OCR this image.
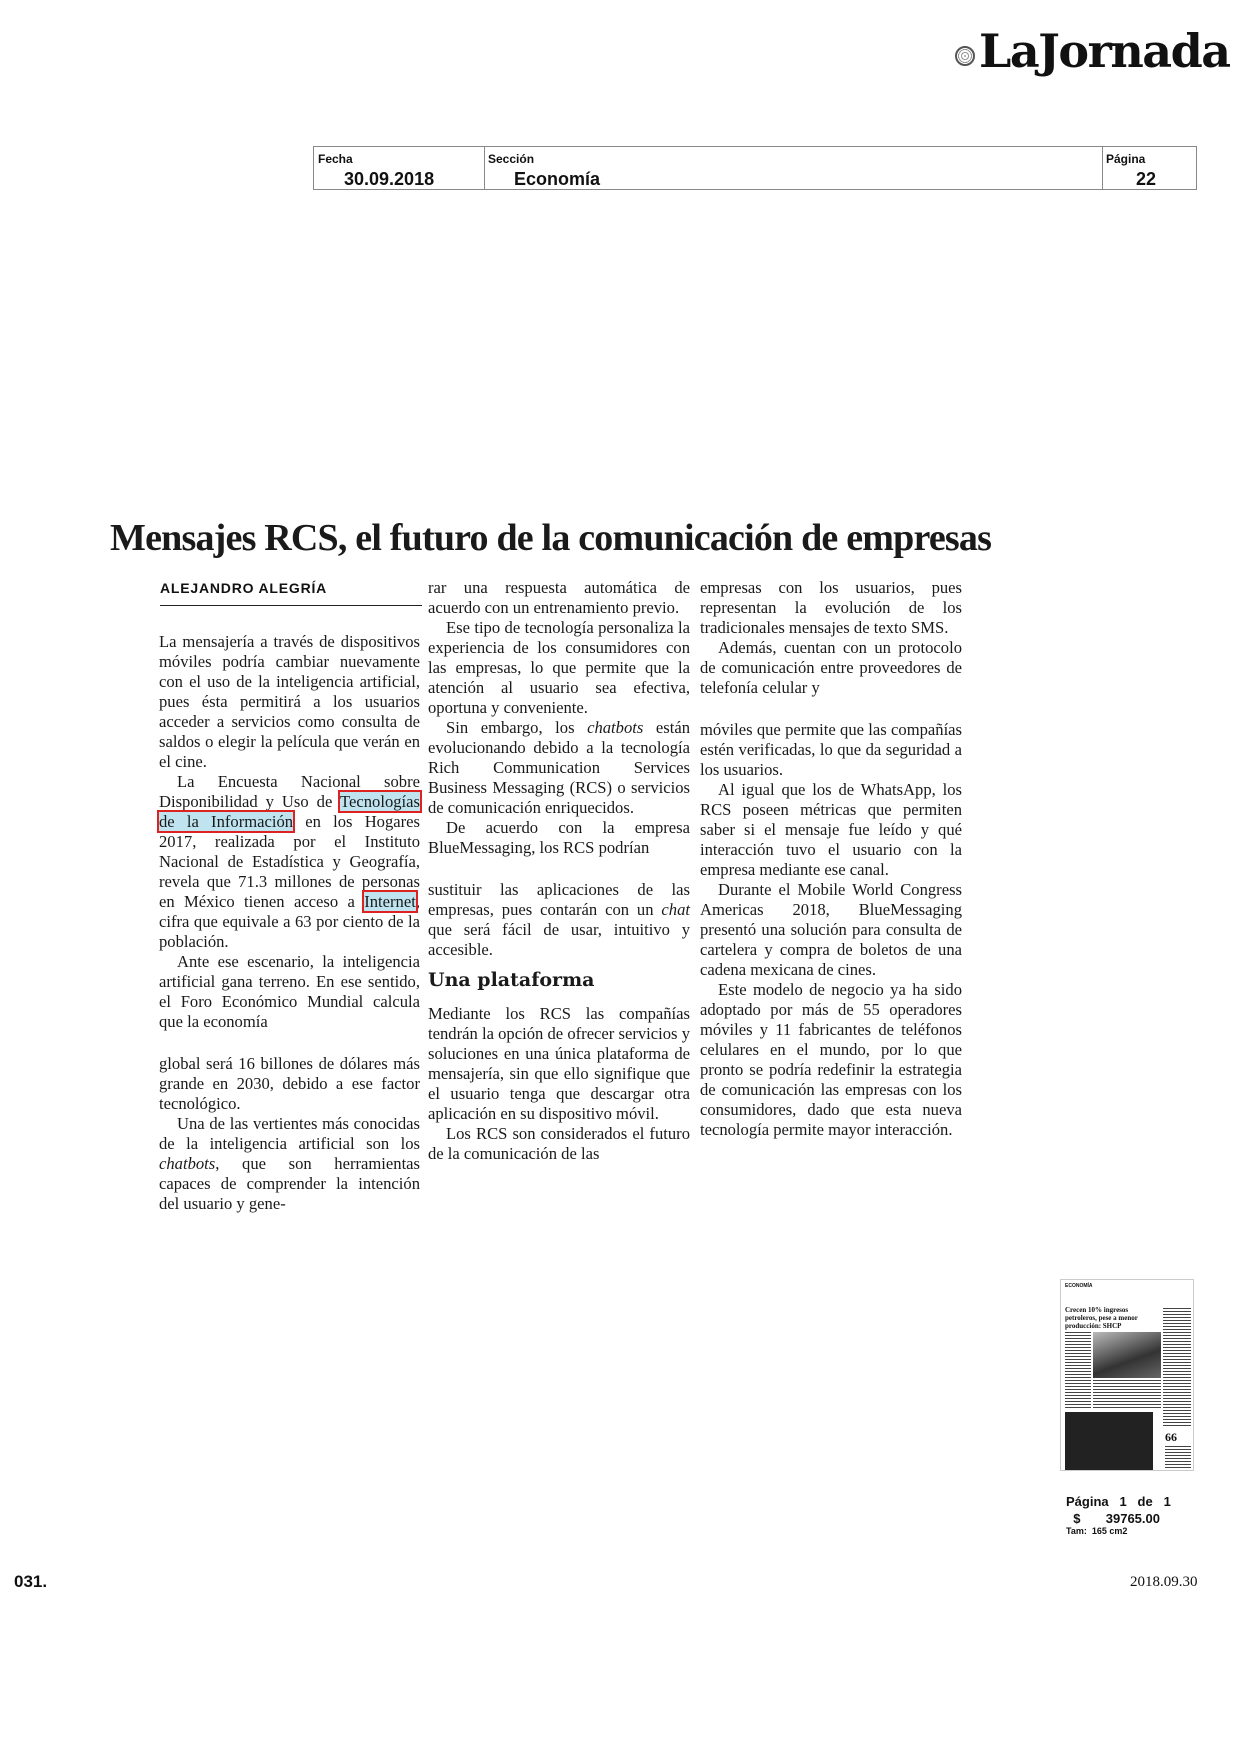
LaJornada
Fecha
30.09.2018
Sección
Economía
Página
22
Mensajes RCS, el futuro de la comunicación de empresas
ALEJANDRO ALEGRÍA

La mensajería a través de dispositivos móviles podría cambiar nuevamente con el uso de la inteligencia artificial, pues ésta permitirá a los usuarios acceder a servicios como consulta de saldos o elegir la película que verán en el cine.

La Encuesta Nacional sobre Disponibilidad y Uso de Tecnologías de la Información en los Hogares 2017, realizada por el Instituto Nacional de Estadística y Geografía, revela que 71.3 millones de personas en México tienen acceso a Internet, cifra que equivale a 63 por ciento de la población.

Ante ese escenario, la inteligencia artificial gana terreno. En ese sentido, el Foro Económico Mundial calcula que la economía

global será 16 billones de dólares más grande en 2030, debido a ese factor tecnológico.

Una de las vertientes más conocidas de la inteligencia artificial son los chatbots, que son herramientas capaces de comprender la intención del usuario y gene-

rar una respuesta automática de acuerdo con un entrenamiento previo.

Ese tipo de tecnología personaliza la experiencia de los consumidores con las empresas, lo que permite que la atención al usuario sea efectiva, oportuna y conveniente.

Sin embargo, los chatbots están evolucionando debido a la tecnología Rich Communication Services Business Messaging (RCS) o servicios de comunicación enriquecidos.

De acuerdo con la empresa BlueMessaging, los RCS podrían

sustituir las aplicaciones de las empresas, pues contarán con un chat que será fácil de usar, intuitivo y accesible.

Una plataforma

Mediante los RCS las compañías tendrán la opción de ofrecer servicios y soluciones en una única plataforma de mensajería, sin que ello signifique que el usuario tenga que descargar otra aplicación en su dispositivo móvil.

Los RCS son considerados el futuro de la comunicación de las

empresas con los usuarios, pues representan la evolución de los tradicionales mensajes de texto SMS.

Además, cuentan con un protocolo de comunicación entre proveedores de telefonía celular y

móviles que permite que las compañías estén verificadas, lo que da seguridad a los usuarios.

Al igual que los de WhatsApp, los RCS poseen métricas que permiten saber si el mensaje fue leído y qué interacción tuvo el usuario con la empresa mediante ese canal.

Durante el Mobile World Congress Americas 2018, BlueMessaging presentó una solución para consulta de cartelera y compra de boletos de una cadena mexicana de cines.

Este modelo de negocio ya ha sido adoptado por más de 55 operadores móviles y 11 fabricantes de teléfonos celulares en el mundo, por lo que pronto se podría redefinir la estrategia de comunicación las empresas con los consumidores, dado que esta nueva tecnología permite mayor interacción.

ECONOMÍA
Crecen 10% ingresos petroleros, pese a menor producción: SHCP
66
Página 1 de 1
$ 39765.00
Tam: 165 cm2
031.	2018.09.30
